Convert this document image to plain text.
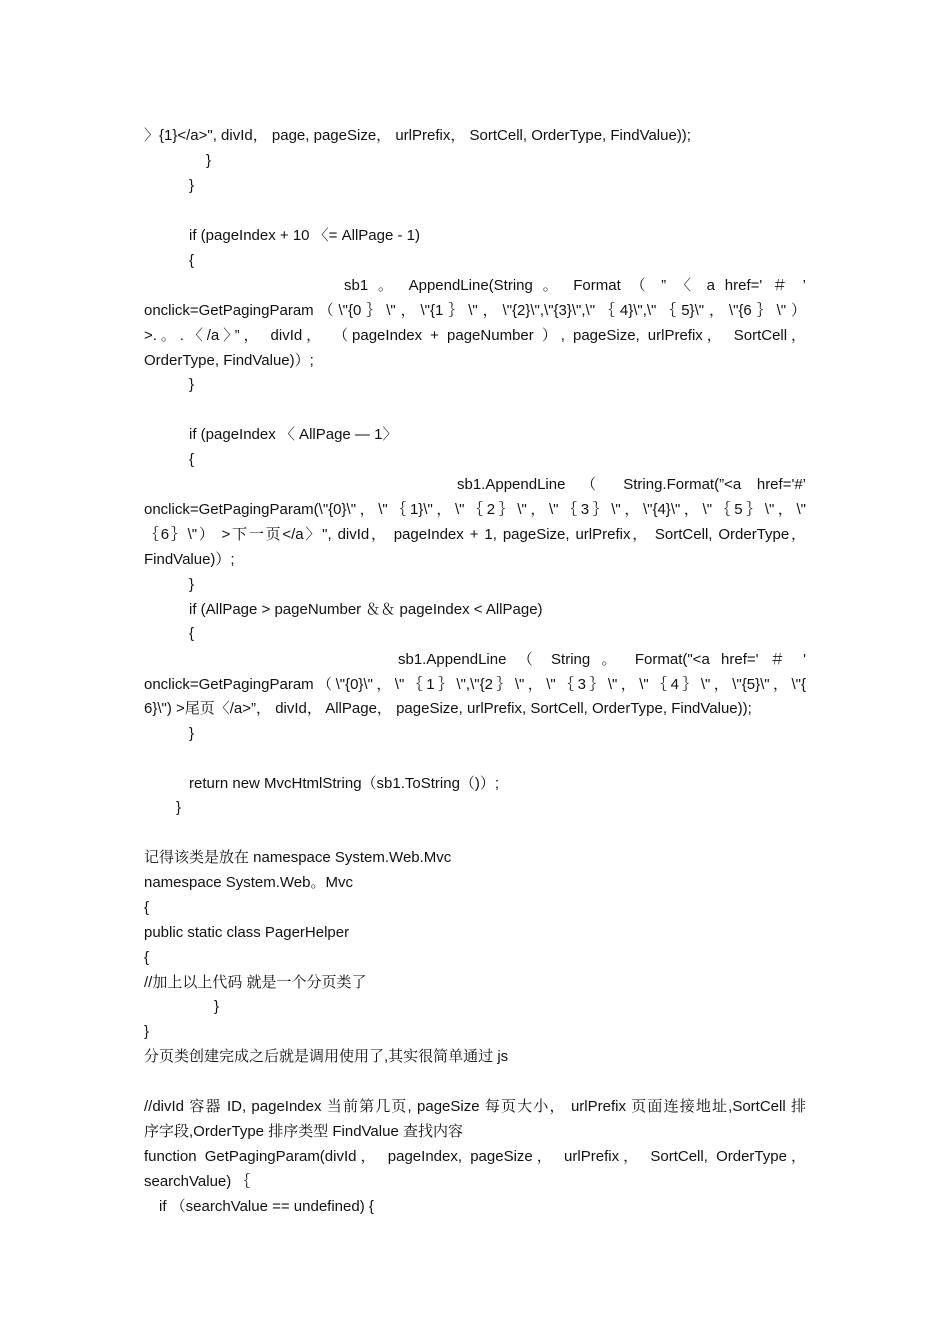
〉{1}</a>", divId， page, pageSize， urlPrefix， SortCell, OrderType, FindValue));
}
}
if (pageIndex + 10 〈= AllPage - 1)
{
sb1 。 AppendLine(String 。 Format （ ” 〈 a href=' ＃ ’
onclick=GetPagingParam（\"{0｝\"，\"{1｝\"，\"{2}\",\"{3}\",\"｛4}\",\"｛5}\"，\"{6｝\"）
>.。.〈/a〉”， divId， （pageIndex + pageNumber ）, pageSize, urlPrefix， SortCell，
OrderType, FindValue)）;
}
if (pageIndex 〈 AllPage — 1〉
{
sb1.AppendLine （ String.Format(”<a href='#’
onclick=GetPagingParam(\"{0}\"，\"｛1}\"，\"｛2｝\"，\"｛3｝\"，\"{4}\"，\"｛5｝\"，\"
｛6｝\"） >下一页</a〉", divId， pageIndex + 1, pageSize, urlPrefix， SortCell, OrderType，
FindValue)）;
}
if (AllPage > pageNumber ＆＆ pageIndex < AllPage)
{
sb1.AppendLine （ String 。 Format("<a href=' ＃ '
onclick=GetPagingParam（\"{0}\"，\"｛1｝\",\"{2｝\"，\"｛3｝\"，\"｛4｝\"，\"{5}\"，\"{
6}\") >尾页〈/a>”， divId， AllPage， pageSize, urlPrefix, SortCell, OrderType, FindValue));
}
return new MvcHtmlString（sb1.ToString（)）;
}
记得该类是放在 namespace System.Web.Mvc
namespace System.Web。Mvc
{
public static class PagerHelper
{
//加上以上代码 就是一个分页类了
}
}
分页类创建完成之后就是调用使用了,其实很简单通过 js
//divId 容器 ID, pageIndex 当前第几页, pageSize 每页大小， urlPrefix 页面连接地址,SortCell 排
序字段,OrderType 排序类型 FindValue 查找内容
function GetPagingParam(divId， pageIndex, pageSize， urlPrefix， SortCell, OrderType，
searchValue) ｛
if （searchValue == undefined) {
